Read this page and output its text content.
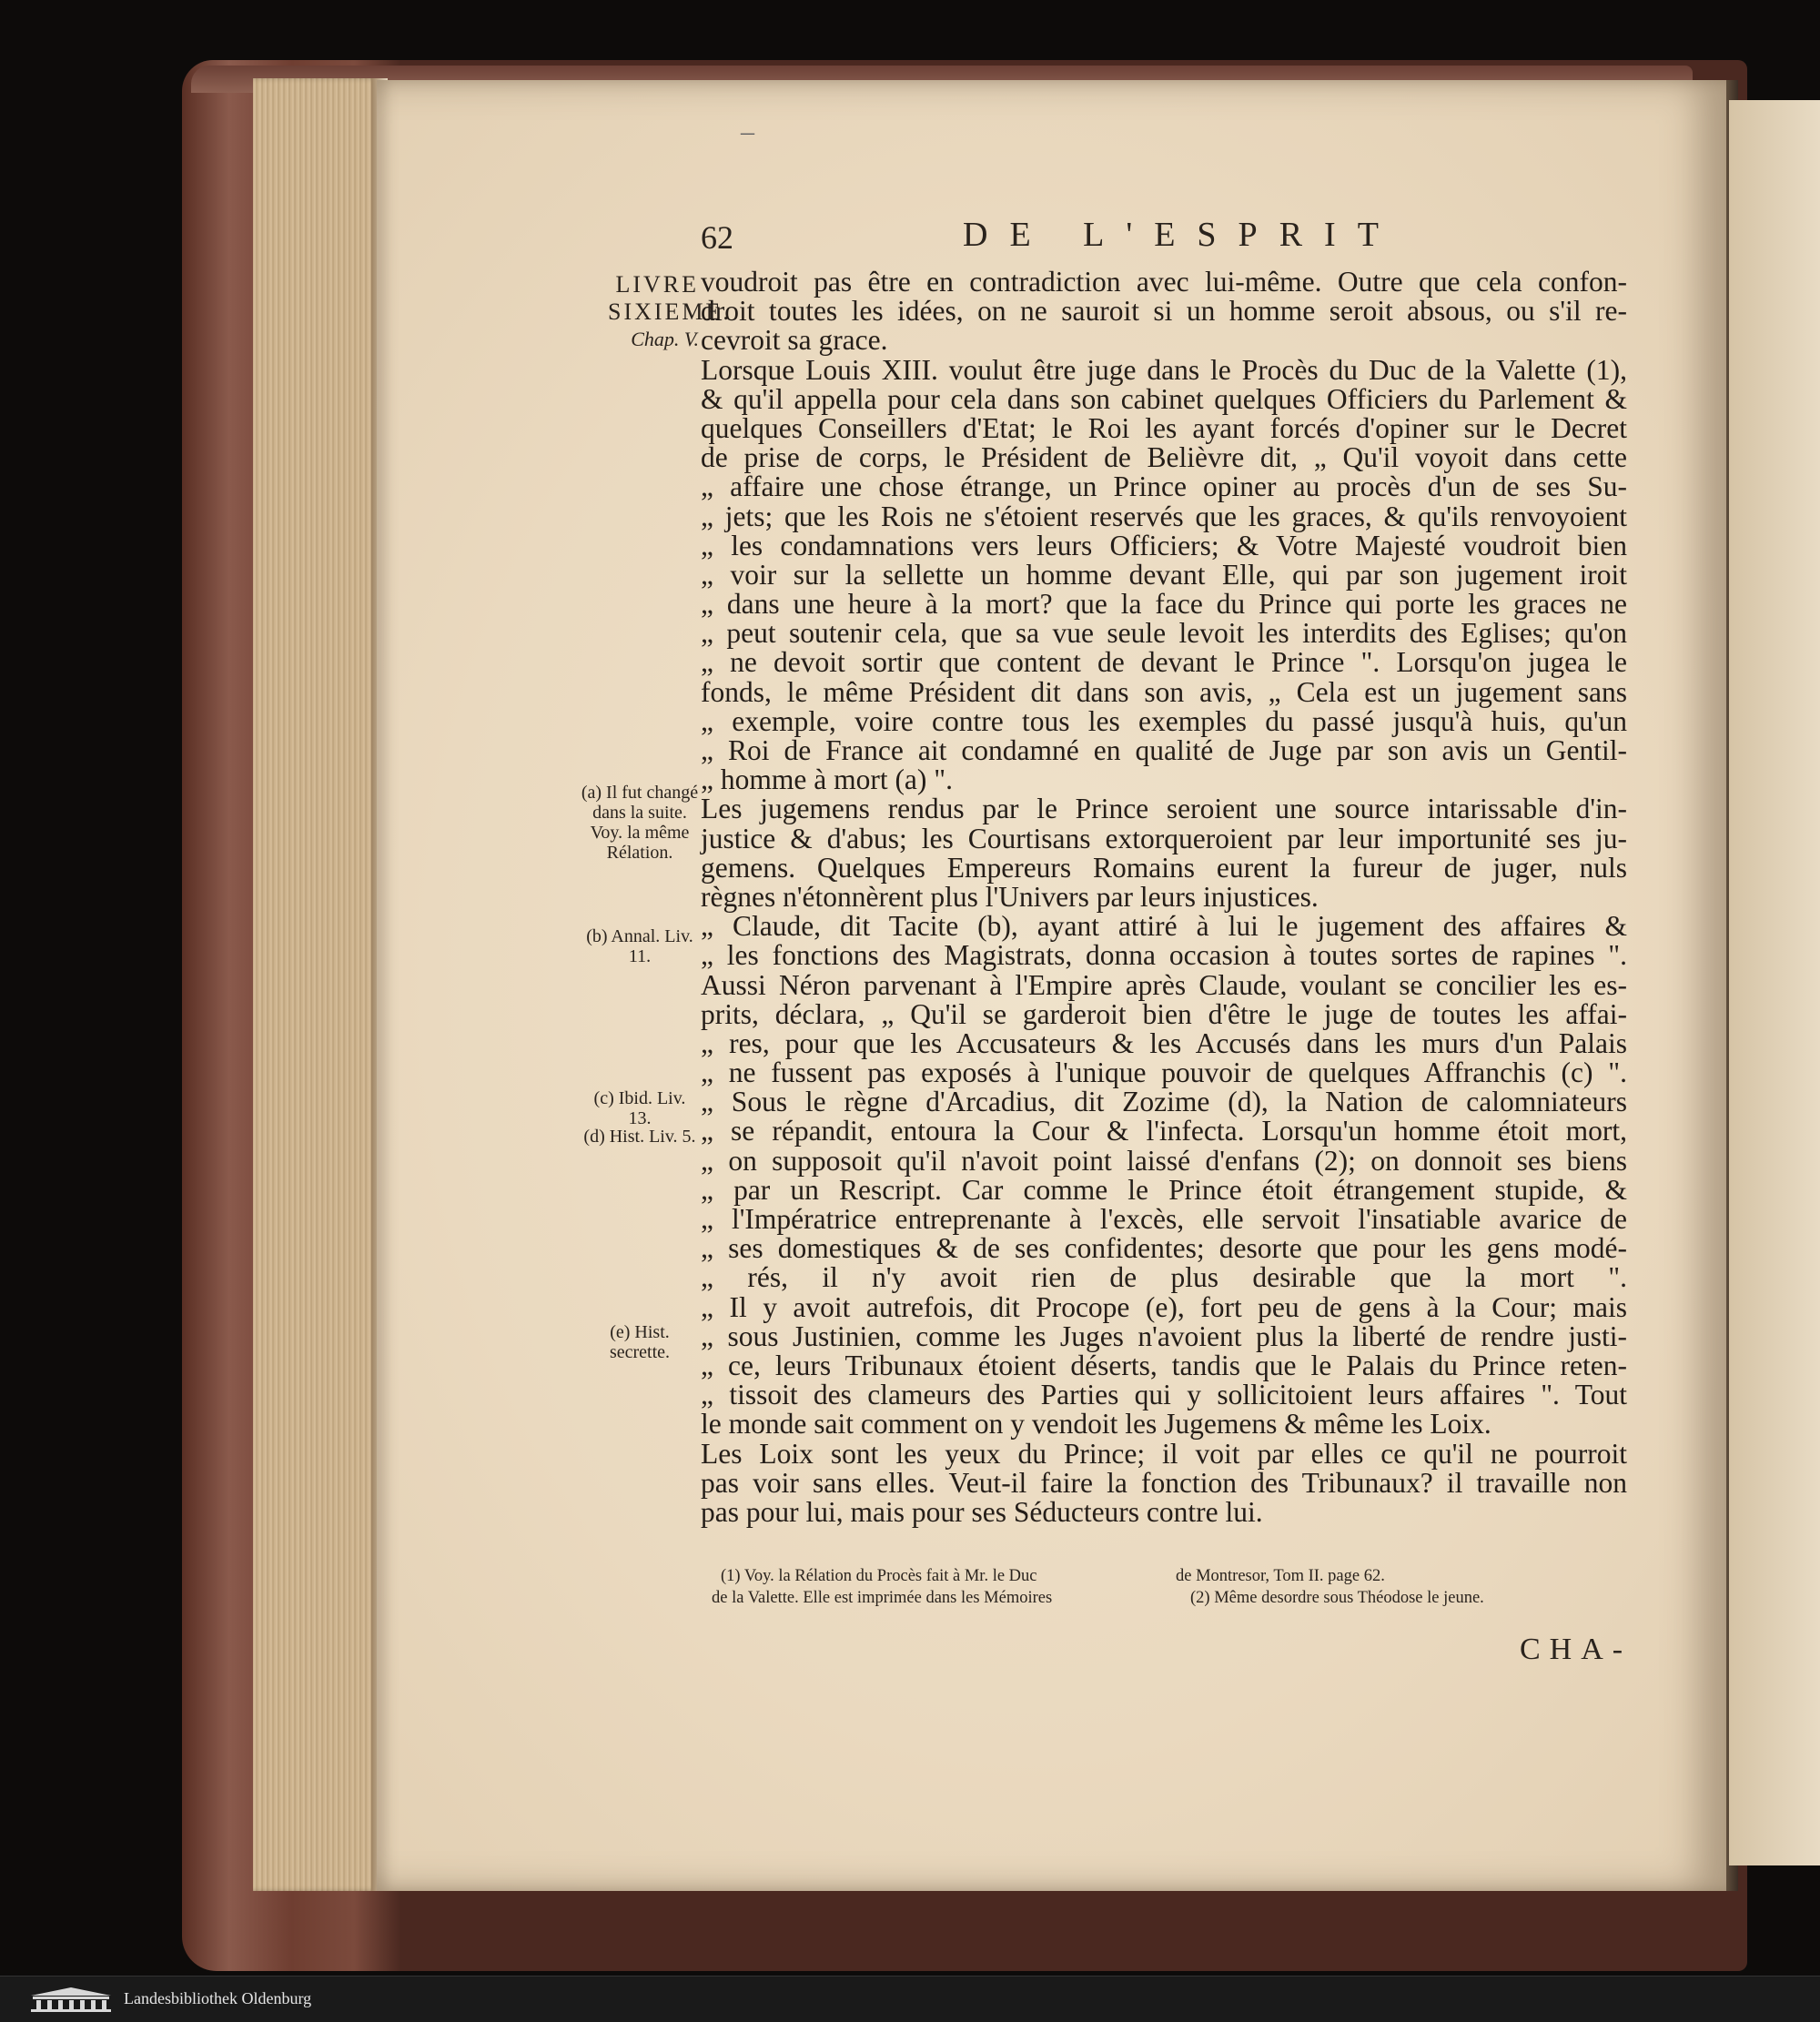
–
62	DE L'ESPRIT
LIVRE
SIXIEME.
Chap. V.
(a) Il fut changé dans la suite. Voy. la même Rélation.
(b) Annal. Liv. 11.
(c) Ibid. Liv. 13.
(d) Hist. Liv. 5.
(e) Hist. secrette.
voudroit pas être en contradiction avec lui-même. Outre que cela confon-
droit toutes les idées, on ne sauroit si un homme seroit absous, ou s'il re-
cevroit sa grace.
Lorsque Louis XIII. voulut être juge dans le Procès du Duc de la Valette (1),
& qu'il appella pour cela dans son cabinet quelques Officiers du Parlement &
quelques Conseillers d'Etat; le Roi les ayant forcés d'opiner sur le Decret
de prise de corps, le Président de Belièvre dit, „ Qu'il voyoit dans cette
„ affaire une chose étrange, un Prince opiner au procès d'un de ses Su-
„ jets; que les Rois ne s'étoient reservés que les graces, & qu'ils renvoyoient
„ les condamnations vers leurs Officiers; & Votre Majesté voudroit bien
„ voir sur la sellette un homme devant Elle, qui par son jugement iroit
„ dans une heure à la mort? que la face du Prince qui porte les graces ne
„ peut soutenir cela, que sa vue seule levoit les interdits des Eglises; qu'on
„ ne devoit sortir que content de devant le Prince ". Lorsqu'on jugea le
fonds, le même Président dit dans son avis, „ Cela est un jugement sans
„ exemple, voire contre tous les exemples du passé jusqu'à huis, qu'un
„ Roi de France ait condamné en qualité de Juge par son avis un Gentil-
„ homme à mort (a) ".
Les jugemens rendus par le Prince seroient une source intarissable d'in-
justice & d'abus; les Courtisans extorqueroient par leur importunité ses ju-
gemens. Quelques Empereurs Romains eurent la fureur de juger, nuls
règnes n'étonnèrent plus l'Univers par leurs injustices.
„ Claude, dit Tacite (b), ayant attiré à lui le jugement des affaires &
„ les fonctions des Magistrats, donna occasion à toutes sortes de rapines ".
Aussi Néron parvenant à l'Empire après Claude, voulant se concilier les es-
prits, déclara, „ Qu'il se garderoit bien d'être le juge de toutes les affai-
„ res, pour que les Accusateurs & les Accusés dans les murs d'un Palais
„ ne fussent pas exposés à l'unique pouvoir de quelques Affranchis (c) ".
„ Sous le règne d'Arcadius, dit Zozime (d), la Nation de calomniateurs
„ se répandit, entoura la Cour & l'infecta. Lorsqu'un homme étoit mort,
„ on supposoit qu'il n'avoit point laissé d'enfans (2); on donnoit ses biens
„ par un Rescript. Car comme le Prince étoit étrangement stupide, &
„ l'Impératrice entreprenante à l'excès, elle servoit l'insatiable avarice de
„ ses domestiques & de ses confidentes; desorte que pour les gens modé-
„ rés, il n'y avoit rien de plus desirable que la mort ".
„ Il y avoit autrefois, dit Procope (e), fort peu de gens à la Cour; mais
„ sous Justinien, comme les Juges n'avoient plus la liberté de rendre justi-
„ ce, leurs Tribunaux étoient déserts, tandis que le Palais du Prince reten-
„ tissoit des clameurs des Parties qui y sollicitoient leurs affaires ". Tout
le monde sait comment on y vendoit les Jugemens & même les Loix.
Les Loix sont les yeux du Prince; il voit par elles ce qu'il ne pourroit
pas voir sans elles. Veut-il faire la fonction des Tribunaux? il travaille non
pas pour lui, mais pour ses Séducteurs contre lui.
(1) Voy. la Rélation du Procès fait à Mr. le Duc
de la Valette. Elle est imprimée dans les Mémoires
de Montresor, Tom II. page 62.
(2) Même desordre sous Théodose le jeune.
CHA-
Landesbibliothek Oldenburg
